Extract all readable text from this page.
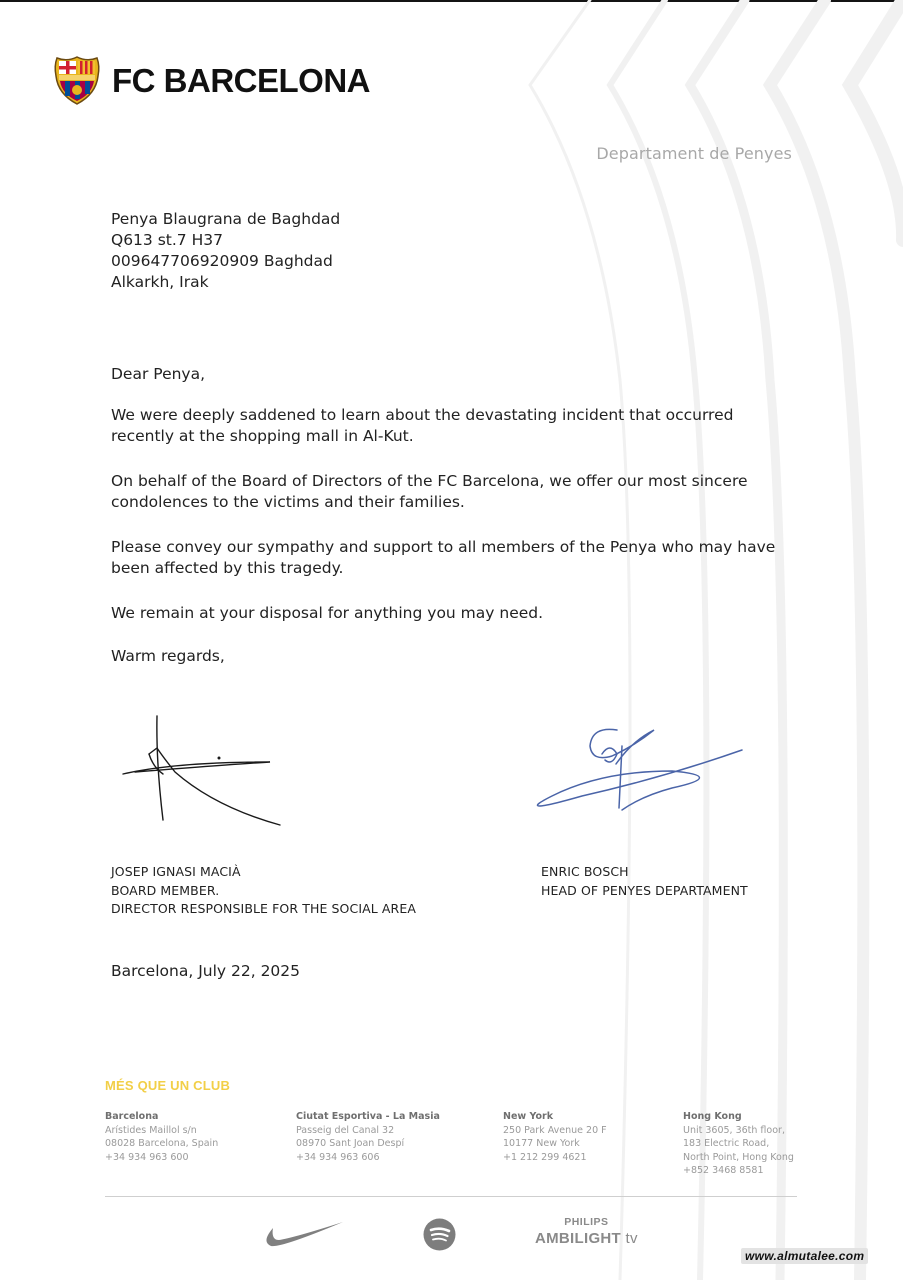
FC BARCELONA
Departament de Penyes
Penya Blaugrana de Baghdad
Q613 st.7 H37
009647706920909 Baghdad
Alkarkh, Irak

Dear Penya,

We were deeply saddened to learn about the devastating incident that occurred recently at the shopping mall in Al-Kut.

On behalf of the Board of Directors of the FC Barcelona, we offer our most sincere condolences to the victims and their families.

Please convey our sympathy and support to all members of the Penya who may have been affected by this tragedy.

We remain at your disposal for anything you may need.

Warm regards,

JOSEP IGNASI MACIÀ
BOARD MEMBER.
DIRECTOR RESPONSIBLE FOR THE SOCIAL AREA
ENRIC BOSCH
HEAD OF PENYES DEPARTAMENT
Barcelona, July 22, 2025
MÉS QUE UN CLUB
Barcelona
Arístides Maillol s/n
08028 Barcelona, Spain
+34 934 963 600
Ciutat Esportiva - La Masia
Passeig del Canal 32
08970 Sant Joan Despí
+34 934 963 606
New York
250 Park Avenue 20 F
10177 New York
+1 212 299 4621
Hong Kong
Unit 3605, 36th floor,
183 Electric Road,
North Point, Hong Kong
+852 3468 8581
PHILIPS
AMBILIGHT tv
www.almutalee.com
